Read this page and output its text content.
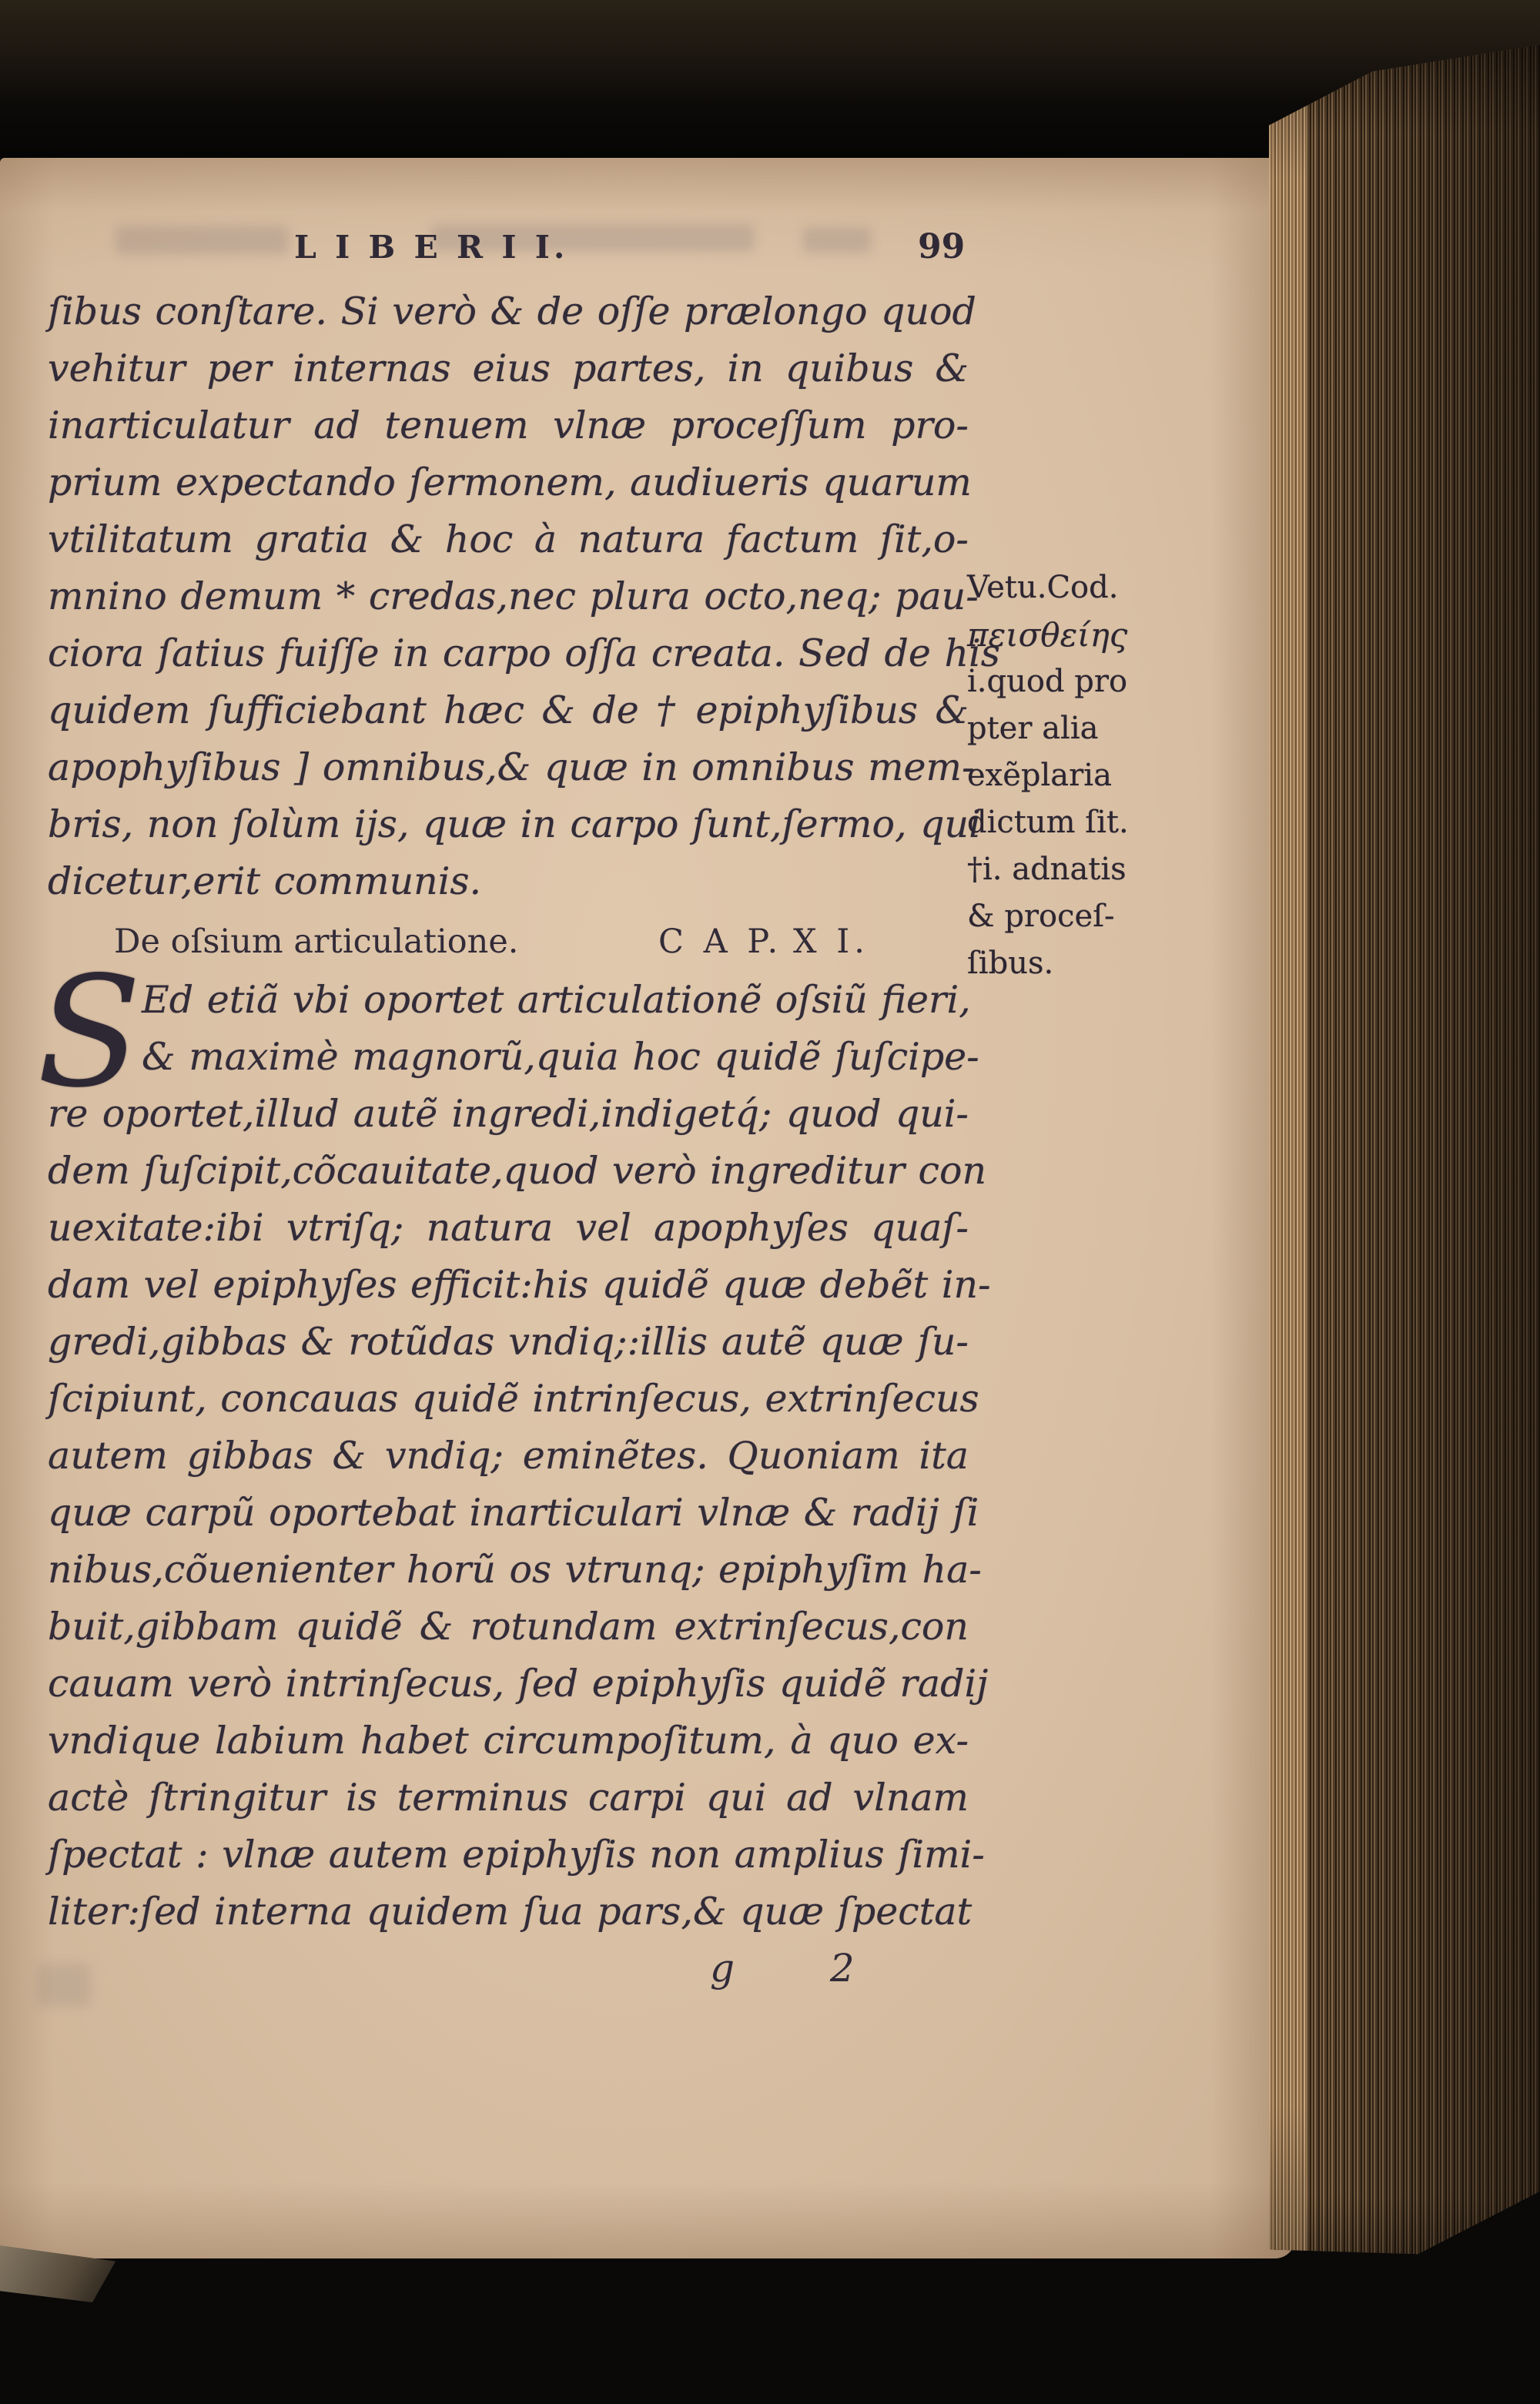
L I B E R I I.	99
ſibus conſtare. Si verò & de oſſe prælongo quod
vehitur per internas eius partes, in quibus &
inarticulatur ad tenuem vlnæ proceſſum pro-
prium expectando ſermonem, audiueris quarum
vtilitatum gratia & hoc à natura factum ſit,o-
mnino demum * credas,nec plura octo,neq; pau-
ciora ſatius fuiſſe in carpo oſſa creata. Sed de his
quidem ſufficiebant hæc & de † epiphyſibus &
apophyſibus ] omnibus,& quæ in omnibus mem-
bris, non ſolùm ijs, quæ in carpo ſunt,ſermo, qui
dicetur,erit communis.
De oſsium articulatione.	C A P. X I.
S Ed etiã vbi oportet articulationẽ oſsiũ fieri,
& maximè magnorũ,quia hoc quidẽ ſuſcipe-
re oportet,illud autẽ ingredi,indigetq́; quod qui-
dem ſuſcipit,cõcauitate,quod verò ingreditur con
uexitate:ibi vtriſq; natura vel apophyſes quaſ-
dam vel epiphyſes efficit:his quidẽ quæ debẽt in-
gredi,gibbas & rotũdas vndiq;:illis autẽ quæ ſu-
ſcipiunt, concauas quidẽ intrinſecus, extrinſecus
autem gibbas & vndiq; eminẽtes. Quoniam ita
quæ carpũ oportebat inarticulari vlnæ & radij ſi
nibus,cõuenienter horũ os vtrunq; epiphyſim ha-
buit,gibbam quidẽ & rotundam extrinſecus,con
cauam verò intrinſecus, ſed epiphyſis quidẽ radij
vndique labium habet circumpoſitum, à quo ex-
actè ſtringitur is terminus carpi qui ad vlnam
ſpectat : vlnæ autem epiphyſis non amplius ſimi-
liter:ſed interna quidem ſua pars,& quæ ſpectat
g 2
Vetu.Cod.
πεισθείης
i.quod pro
pter alia
exẽplaria
dictum ſit.
†i. adnatis
& proceſ-
ſibus.
